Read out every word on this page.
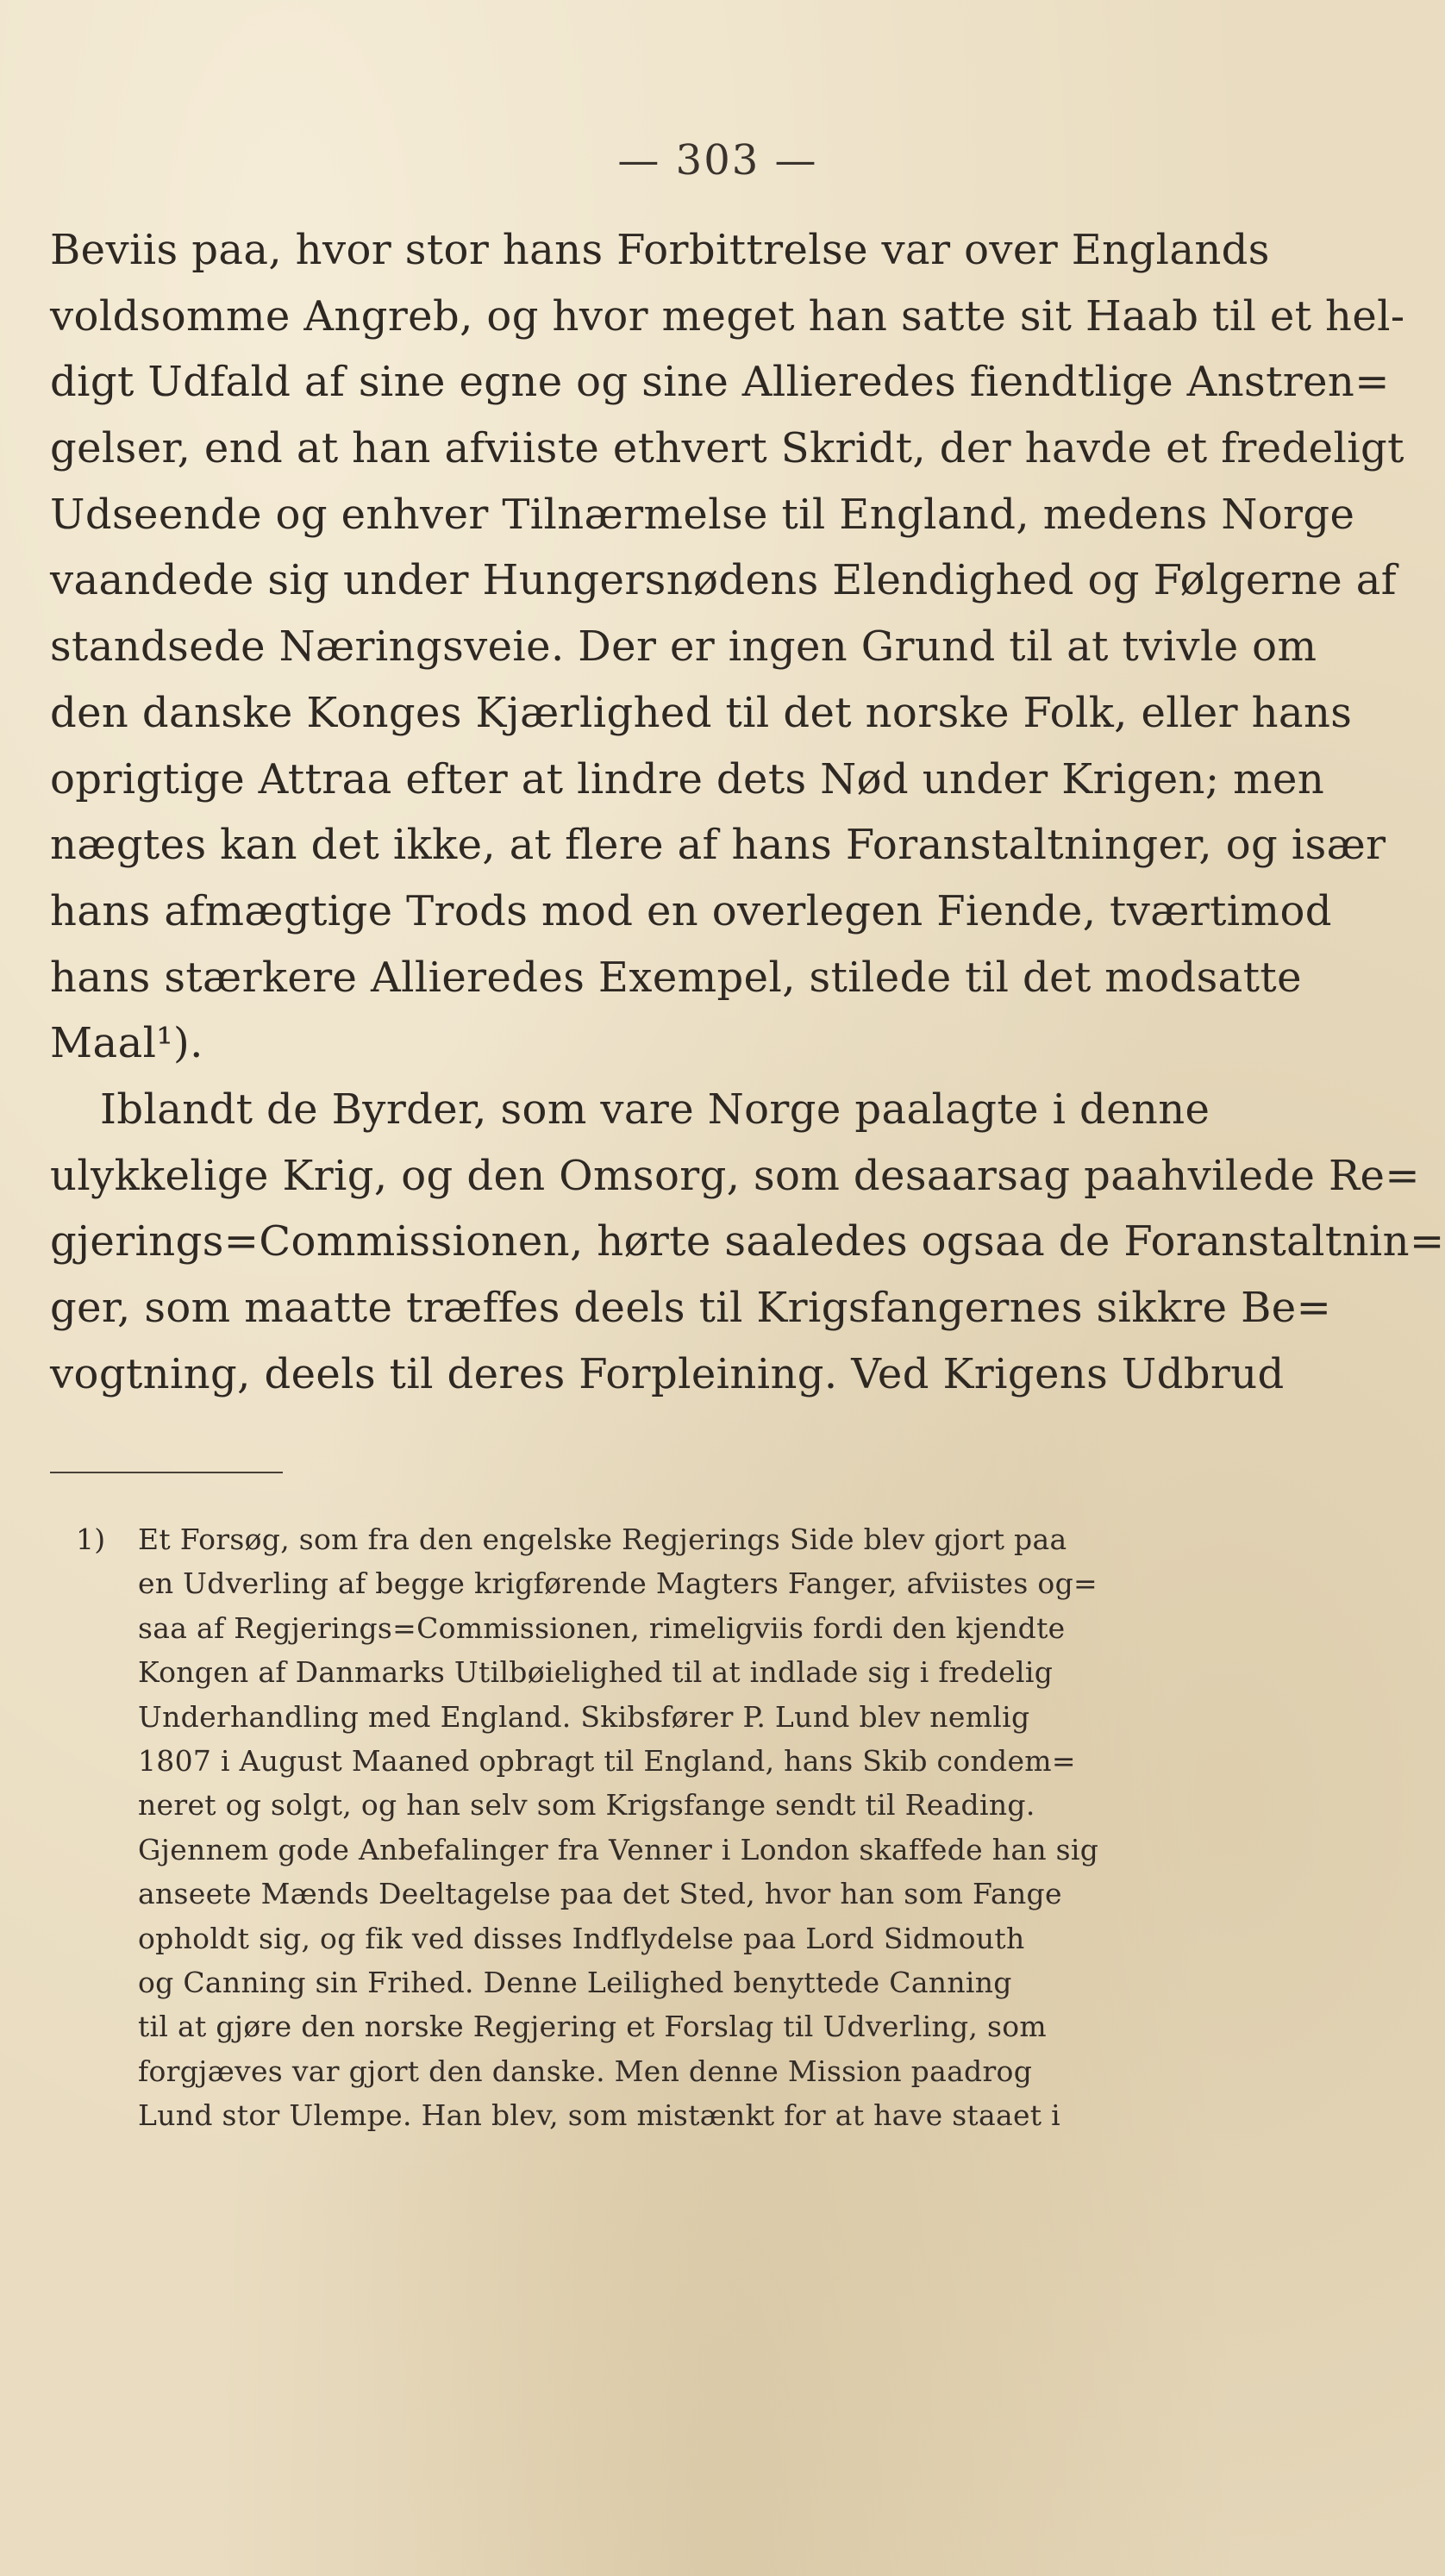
— 303 —
Beviis paa, hvor stor hans Forbittrelse var over Englands
voldsomme Angreb, og hvor meget han satte sit Haab til et hel-
digt Udfald af sine egne og sine Allieredes fiendtlige Anstren=
gelser, end at han afviiste ethvert Skridt, der havde et fredeligt
Udseende og enhver Tilnærmelse til England, medens Norge
vaandede sig under Hungersnødens Elendighed og Følgerne af
standsede Næringsveie. Der er ingen Grund til at tvivle om
den danske Konges Kjærlighed til det norske Folk, eller hans
oprigtige Attraa efter at lindre dets Nød under Krigen; men
nægtes kan det ikke, at flere af hans Foranstaltninger, og især
hans afmægtige Trods mod en overlegen Fiende, tværtimod
hans stærkere Allieredes Exempel, stilede til det modsatte
Maal¹).
Iblandt de Byrder, som vare Norge paalagte i denne
ulykkelige Krig, og den Omsorg, som desaarsag paahvilede Re=
gjerings=Commissionen, hørte saaledes ogsaa de Foranstaltnin=
ger, som maatte træffes deels til Krigsfangernes sikkre Be=
vogtning, deels til deres Forpleining. Ved Krigens Udbrud
1) Et Forsøg, som fra den engelske Regjerings Side blev gjort paa
en Udverling af begge krigførende Magters Fanger, afviistes og=
saa af Regjerings=Commissionen, rimeligviis fordi den kjendte
Kongen af Danmarks Utilbøielighed til at indlade sig i fredelig
Underhandling med England. Skibsfører P. Lund blev nemlig
1807 i August Maaned opbragt til England, hans Skib condem=
neret og solgt, og han selv som Krigsfange sendt til Reading.
Gjennem gode Anbefalinger fra Venner i London skaffede han sig
anseete Mænds Deeltagelse paa det Sted, hvor han som Fange
opholdt sig, og fik ved disses Indflydelse paa Lord Sidmouth
og Canning sin Frihed. Denne Leilighed benyttede Canning
til at gjøre den norske Regjering et Forslag til Udverling, som
forgjæves var gjort den danske. Men denne Mission paadrog
Lund stor Ulempe. Han blev, som mistænkt for at have staaet i
